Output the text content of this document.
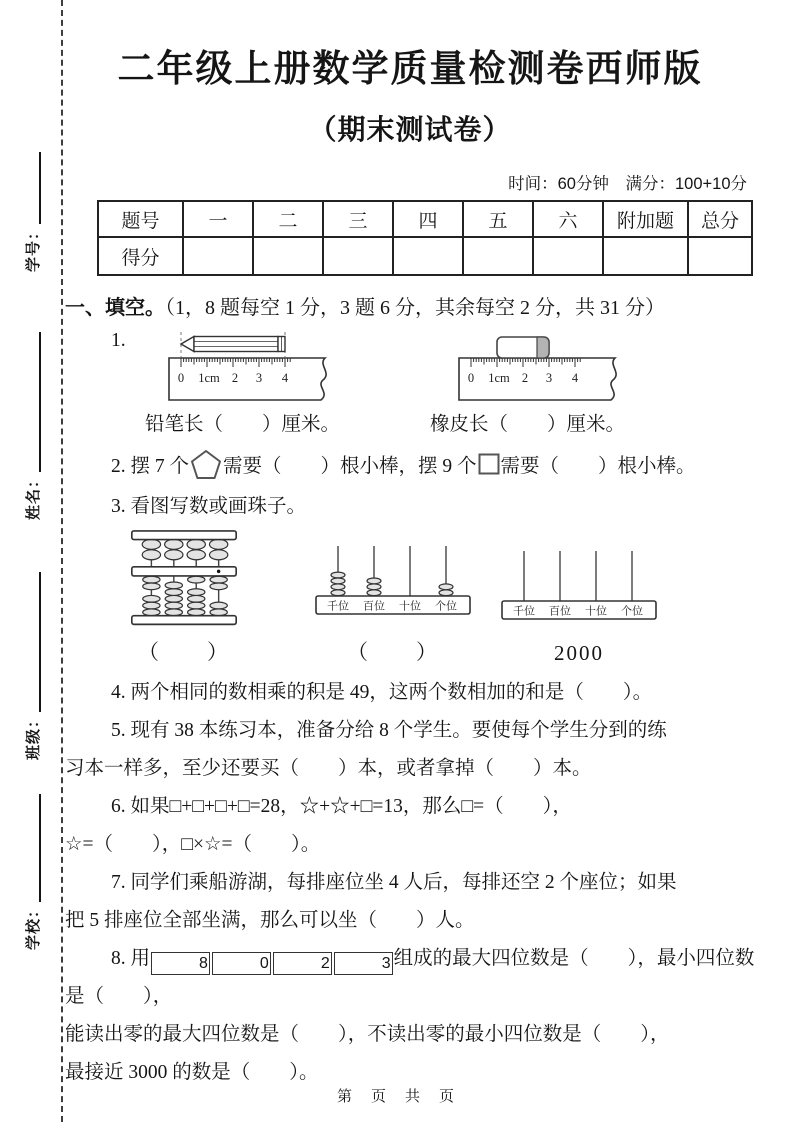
学号：
姓名：
班级：
学校：
二年级上册数学质量检测卷西师版
（期末测试卷）
时间：60分钟　满分：100+10分
题号	一	二	三	四	五	六	附加题	总分
得分								
一、填空。（1，8 题每空 1 分，3 题 6 分，其余每空 2 分，共 31 分）
1.
0 1cm 2 3 4	0 1cm 2 3 4
铅笔长（　　）厘米。	橡皮长（　　）厘米。
2. 摆 7 个 需要（　　）根小棒，摆 9 个 需要（　　）根小棒。

3. 看图写数或画珠子。

（　　）
千位 百位 十位 个位
（　　）
千位 百位 十位 个位
2000

4. 两个相同的数相乘的积是 49，这两个数相加的和是（　　）。

5. 现有 38 本练习本，准备分给 8 个学生。要使每个学生分到的练
习本一样多，至少还要买（　　）本，或者拿掉（　　）本。

6. 如果□+□+□+□=28，☆+☆+□=13，那么□=（　　），
☆=（　　），□×☆=（　　）。

7. 同学们乘船游湖，每排座位坐 4 人后，每排还空 2 个座位；如果
把 5 排座位全部坐满，那么可以坐（　　）人。

8. 用	8	0	2	3 组成的最大四位数是（　　），最小四位数是（　　），
能读出零的最大四位数是（　　），不读出零的最小四位数是（　　），
最接近 3000 的数是（　　）。

第　页　共　页
